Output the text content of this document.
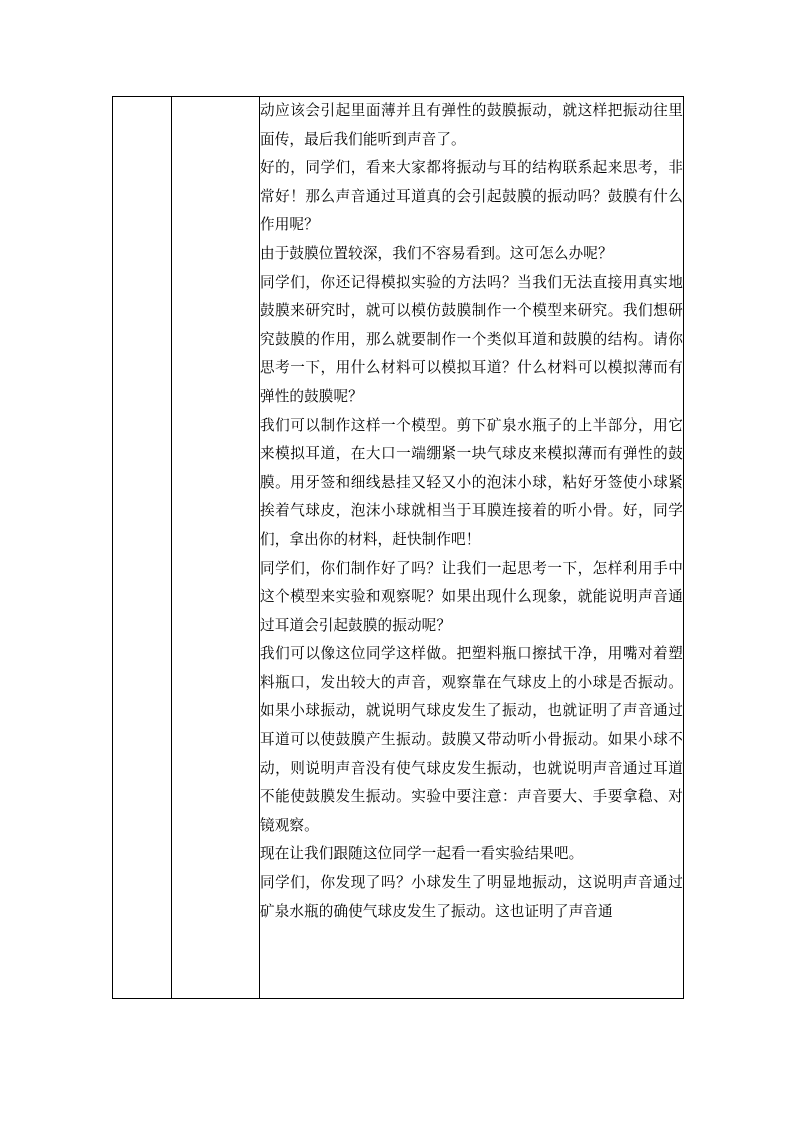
动应该会引起里面薄并且有弹性的鼓膜振动，就这样把振动往里面传，最后我们能听到声音了。

好的，同学们，看来大家都将振动与耳的结构联系起来思考，非常好！那么声音通过耳道真的会引起鼓膜的振动吗？鼓膜有什么作用呢？

由于鼓膜位置较深，我们不容易看到。这可怎么办呢？

同学们，你还记得模拟实验的方法吗？当我们无法直接用真实地鼓膜来研究时，就可以模仿鼓膜制作一个模型来研究。我们想研究鼓膜的作用，那么就要制作一个类似耳道和鼓膜的结构。请你思考一下，用什么材料可以模拟耳道？什么材料可以模拟薄而有弹性的鼓膜呢？

我们可以制作这样一个模型。剪下矿泉水瓶子的上半部分，用它来模拟耳道，在大口一端绷紧一块气球皮来模拟薄而有弹性的鼓膜。用牙签和细线悬挂又轻又小的泡沫小球，粘好牙签使小球紧挨着气球皮，泡沫小球就相当于耳膜连接着的听小骨。好，同学们，拿出你的材料，赶快制作吧！

同学们，你们制作好了吗？让我们一起思考一下，怎样利用手中这个模型来实验和观察呢？如果出现什么现象，就能说明声音通过耳道会引起鼓膜的振动呢？

我们可以像这位同学这样做。把塑料瓶口擦拭干净，用嘴对着塑料瓶口，发出较大的声音，观察靠在气球皮上的小球是否振动。如果小球振动，就说明气球皮发生了振动，也就证明了声音通过耳道可以使鼓膜产生振动。鼓膜又带动听小骨振动。如果小球不动，则说明声音没有使气球皮发生振动，也就说明声音通过耳道不能使鼓膜发生振动。实验中要注意：声音要大、手要拿稳、对镜观察。

现在让我们跟随这位同学一起看一看实验结果吧。

同学们，你发现了吗？小球发生了明显地振动，这说明声音通过矿泉水瓶的确使气球皮发生了振动。这也证明了声音通
